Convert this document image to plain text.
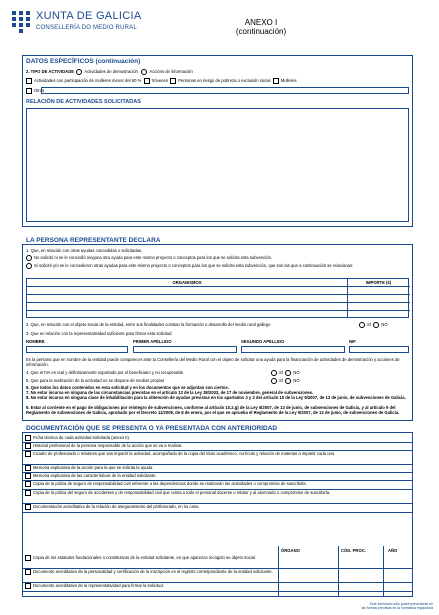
XUNTA DE GALICIA
CONSELLERÍA DO MEDIO RURAL
ANEXO I
(continuación)
DATOS ESPECÍFICOS (continuación)
2. TIPO DE ACTIVIDADE Actividades de demostración	Accións de información
Actividades con participación de mulleres menor del 60 % Xóvenes Personas en riesgo de pobreza o exclusión social Mulleres
Otros
RELACIÓN DE ACTIVIDADES SOLICITADAS
LA PERSONA REPRESENTANTE DECLARA
1. Que, en relación con otras ayudas concedidas o solicitadas,
No solicitó ni se le concedió ninguna otra ayuda para este mismo proyecto o conceptos para los que se solicita esta subvención.
Sí solicitó y/o se le concedieron otras ayudas para este mismo proyecto o conceptos para los que se solicita esta subvención, que son las que a continuación se relacionan:
ORGANISMOS	IMPORTE (€)
2. Que, en relación con el objeto social de la entidad, entre sus finalidades constan la formación o desarrollo del medio rural gallego	SÍ NO
3. Que en relación con la representatividad suficiente para firmar esta solicitud
NOMBRE	PRIMER APELLIDO	SEGUNDO APELLIDO	NIF
Es la persona que en nombre de la entidad puede comparecer ante la Consellería del Medio Rural con el objeto de solicitar una ayuda para la financiación de actividades de demostración y acciones de información.
4. Que el IVA es real y definitivamente soportado por el beneficiario y no recuperable	SÍ NO
5. Que para la realización de la actividad no se dispone de medios propios	SÍ NO
6. Que todos los datos contenidos en esta solicitud y en los documentos que se adjuntan son ciertos.
7. No estar incursa en ninguna de las circunstancias previstas en el artículo 13 de la Ley 38/2003, de 17 de noviembre, general de subvenciones.
8. No estar incursa en ninguna clase de inhabilitación para la obtención de ayudas previstas en los apartados 2 y 3 del artículo 10 de la Ley 9/2007, de 13 de junio, de subvenciones de Galicia.
9. Estar al corriente en el pago de obligaciones por reintegro de subvenciones, conforme al artículo 10.2.g) de la Ley 9/2007, de 13 de junio, de subvenciones de Galicia, y al artículo 9 del Reglamento de subvenciones de Galicia, aprobado por el Decreto 11/2009, de 8 de enero, por el que se aprueba el Reglamento de la Ley 9/2007, de 13 de junio, de subvenciones de Galicia.
DOCUMENTACIÓN QUE SE PRESENTA O YA PRESENTADA CON ANTERIORIDAD
Ficha técnica de cada actividad solicitada (anexo II).
Historial profesional de la persona responsable de la acción que se va a realizar.
Cuadro de profesorado o relatores que van impartir la actividad, acompañado de la copia del título académico, currículo y relación de materias a impartir cada uno.
Memoria explicativa de la acción para la que se solicita la ayuda.
Memoria explicativa de las características de la entidad solicitante.
Copia de la póliza de seguro de responsabilidad civil referente a las dependencias donde se realizarán las actividades o compromiso de suscribirla.
Copia de la póliza del seguro de accidentes y de responsabilidad civil que cubra a todo el personal docente o relator y al alumnado o compromiso de suscribirla.
Documentación acreditativa de la relación de aseguramiento del profesorado, en su caso.
Copia de los estatutos fundacionales o constitutivos de la entidad solicitante, en que aparezca recogido su objeto social.
Documento acreditativo de la personalidad y certificación de la inscripción en el registro correspondiente de la entidad solicitante.
Documento acreditativo de la representatividad para firmar la solicitud.
ÓRGANO	CÓD. PROC.	AÑO
Este formulario sólo podrá presentarse en
las formas previstas en la normativa reguladora
